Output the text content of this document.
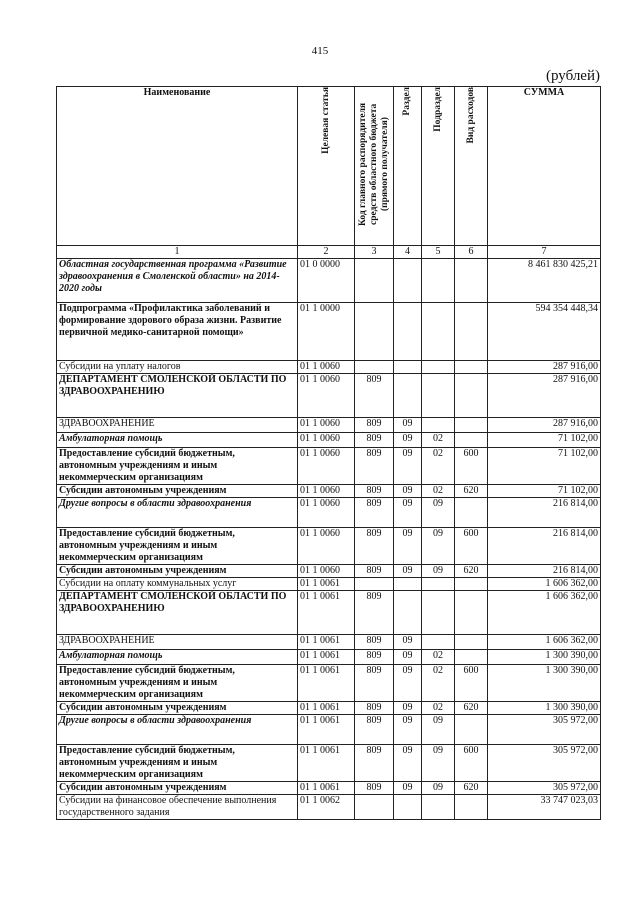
415
(рублей)
Наименование	Целевая статья	Код главного распорядителя средств областного бюджета (прямого получателя)	Раздел	Подраздел	Вид расходов	СУММА
1	2	3	4	5	6	7
Областная государственная программа «Развитие здравоохранения в Смоленской области» на 2014-2020 годы	01 0 0000					8 461 830 425,21
Подпрограмма «Профилактика заболеваний и формирование здорового образа жизни. Развитие первичной медико-санитарной помощи»	01 1 0000					594 354 448,34
Субсидии на уплату налогов	01 1 0060					287 916,00
ДЕПАРТАМЕНТ СМОЛЕНСКОЙ ОБЛАСТИ ПО ЗДРАВООХРАНЕНИЮ	01 1 0060	809				287 916,00
ЗДРАВООХРАНЕНИЕ	01 1 0060	809	09			287 916,00
Амбулаторная помощь	01 1 0060	809	09	02		71 102,00
Предоставление субсидий бюджетным, автономным учреждениям и иным некоммерческим организациям	01 1 0060	809	09	02	600	71 102,00
Субсидии автономным учреждениям	01 1 0060	809	09	02	620	71 102,00
Другие вопросы в области здравоохранения	01 1 0060	809	09	09		216 814,00
Предоставление субсидий бюджетным, автономным учреждениям и иным некоммерческим организациям	01 1 0060	809	09	09	600	216 814,00
Субсидии автономным учреждениям	01 1 0060	809	09	09	620	216 814,00
Субсидии на оплату коммунальных услуг	01 1 0061					1 606 362,00
ДЕПАРТАМЕНТ СМОЛЕНСКОЙ ОБЛАСТИ ПО ЗДРАВООХРАНЕНИЮ	01 1 0061	809				1 606 362,00
ЗДРАВООХРАНЕНИЕ	01 1 0061	809	09			1 606 362,00
Амбулаторная помощь	01 1 0061	809	09	02		1 300 390,00
Предоставление субсидий бюджетным, автономным учреждениям и иным некоммерческим организациям	01 1 0061	809	09	02	600	1 300 390,00
Субсидии автономным учреждениям	01 1 0061	809	09	02	620	1 300 390,00
Другие вопросы в области здравоохранения	01 1 0061	809	09	09		305 972,00
Предоставление субсидий бюджетным, автономным учреждениям и иным некоммерческим организациям	01 1 0061	809	09	09	600	305 972,00
Субсидии автономным учреждениям	01 1 0061	809	09	09	620	305 972,00
Субсидии на финансовое обеспечение выполнения государственного задания	01 1 0062					33 747 023,03
